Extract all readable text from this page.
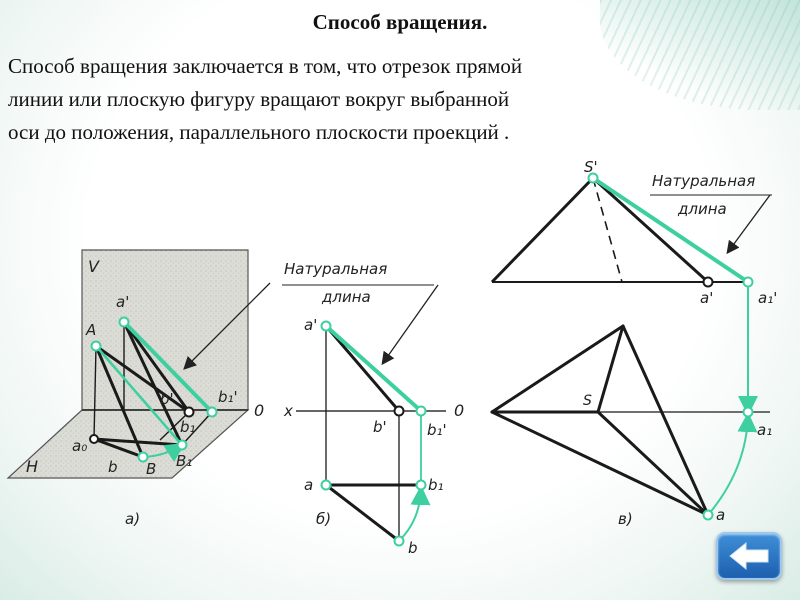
Способ вращения.

Способ вращения заключается в том, что отрезок прямой
линии или плоскую фигуру вращают вокруг выбранной
оси до положения, параллельного плоскости проекций .

V
H
0
a'
A
a₀
b B B₁
b'	b₁'
b₁
а)
Натуральная
длина
x	0
a'
b'	b₁'
a	b₁
b
б)
Натуральная
длина
S'
a'	a₁'
S
a₁
a
в)
